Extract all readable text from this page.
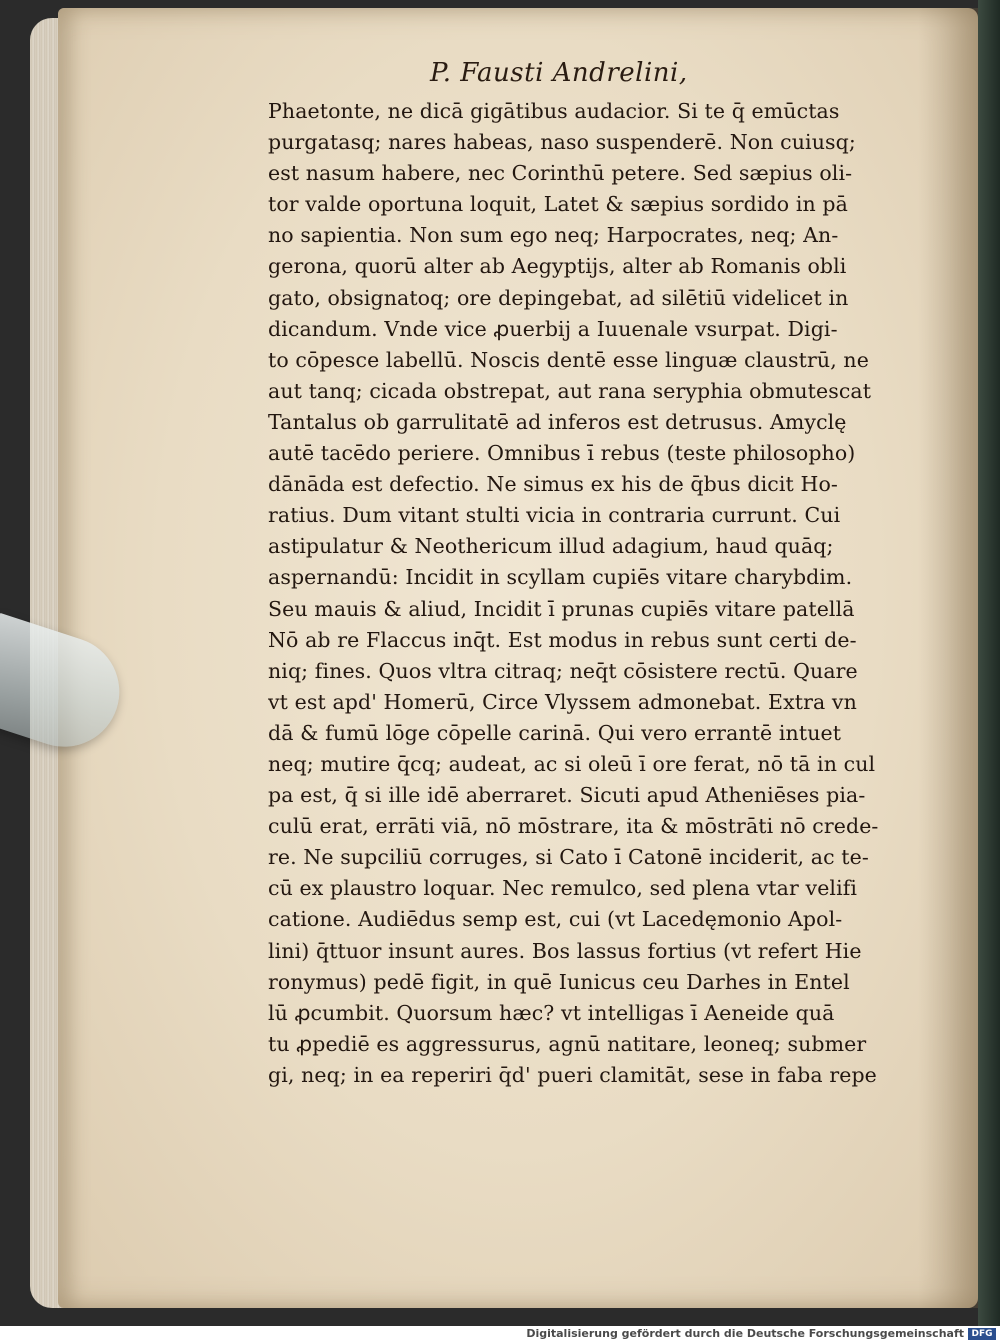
P. Fausti Andrelini,
Phaetonte, ne dicā gigātibus audacior. Si te q̄ emūctas
purgatasq; nares habeas, naso suspenderē. Non cuiusq;
est nasum habere, nec Corinthū petere. Sed sæpius oli-
tor valde oportuna loquit, Latet & sæpius sordido in pā
no sapientia. Non sum ego neq; Harpocrates, neq; An-
gerona, quorū alter ab Aegyptijs, alter ab Romanis obli
gato, obsignatoq; ore depingebat, ad silētiū videlicet in
dicandum. Vnde vice ꝓuerbij a Iuuenale vsurpat. Digi-
to cōpesce labellū. Noscis dentē esse linguæ claustrū, ne
aut tanq; cicada obstrepat, aut rana seryphia obmutescat
Tantalus ob garrulitatē ad inferos est detrusus. Amyclę
autē tacēdo periere. Omnibus ī rebus (teste philosopho)
dānāda est defectio. Ne simus ex his de q̄bus dicit Ho-
ratius. Dum vitant stulti vicia in contraria currunt. Cui
astipulatur & Neothericum illud adagium, haud quāq;
aspernandū: Incidit in scyllam cupiēs vitare charybdim.
Seu mauis & aliud, Incidit ī prunas cupiēs vitare patellā
Nō ab re Flaccus inq̄t. Est modus in rebus sunt certi de-
niq; fines. Quos vltra citraq; neq̄t cōsistere rectū. Quare
vt est apd' Homerū, Circe Vlyssem admonebat. Extra vn
dā & fumū lōge cōpelle carinā. Qui vero errantē intuet
neq; mutire q̄cq; audeat, ac si oleū ī ore ferat, nō tā in cul
pa est, q̄ si ille idē aberraret. Sicuti apud Atheniēses pia-
culū erat, errāti viā, nō mōstrare, ita & mōstrāti nō crede-
re. Ne supciliū corruges, si Cato ī Catonē inciderit, ac te-
cū ex plaustro loquar. Nec remulco, sed plena vtar velifi
catione. Audiēdus semp est, cui (vt Lacedęmonio Apol-
lini) q̄ttuor insunt aures. Bos lassus fortius (vt refert Hie
ronymus) pedē figit, in quē Iunicus ceu Darhes in Entel
lū ꝓcumbit. Quorsum hæc? vt intelligas ī Aeneide quā
tu ꝓpediē es aggressurus, agnū natitare, leoneq; submer
gi, neq; in ea reperiri q̄d' pueri clamitāt, sese in faba repe
Digitalisierung gefördert durch die Deutsche Forschungsgemeinschaft DFG
